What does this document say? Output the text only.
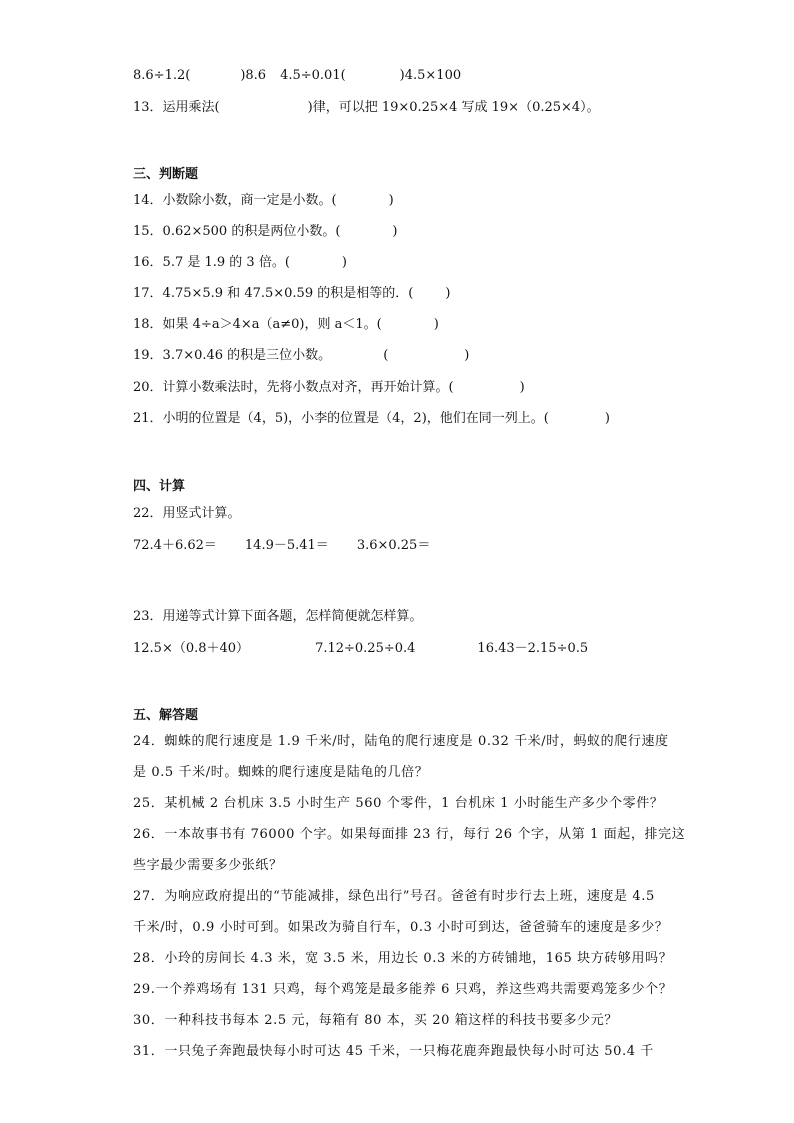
8.6÷1.2(	)8.6 4.5÷0.01(	)4.5×100
13．运用乘法(	)律，可以把 19×0.25×4 写成 19×（0.25×4）。
三、判断题
14．小数除小数，商一定是小数。(	)
15．0.62×500 的积是两位小数。(	)
16．5.7 是 1.9 的 3 倍。(	)
17．4.75×5.9 和 47.5×0.59 的积是相等的．( )
18．如果 4÷a＞4×a（a≠0)，则 a＜1。(	)
19．3.7×0.46 的积是三位小数。	(	)
20．计算小数乘法时，先将小数点对齐，再开始计算。(	)
21．小明的位置是（4，5)，小李的位置是（4，2)，他们在同一列上。(	)
四、计算
22．用竖式计算。
72.4＋6.62＝ 14.9－5.41＝ 3.6×0.25＝
23．用递等式计算下面各题，怎样简便就怎样算。
12.5×（0.8＋40）	7.12÷0.25÷0.4	16.43－2.15÷0.5
五、解答题
24．蜘蛛的爬行速度是 1.9 千米/时，陆龟的爬行速度是 0.32 千米/时，蚂蚁的爬行速度
是 0.5 千米/时。蜘蛛的爬行速度是陆龟的几倍？
25．某机械 2 台机床 3.5 小时生产 560 个零件，1 台机床 1 小时能生产多少个零件？
26．一本故事书有 76000 个字。如果每面排 23 行，每行 26 个字，从第 1 面起，排完这
些字最少需要多少张纸？
27．为响应政府提出的“节能减排，绿色出行”号召。爸爸有时步行去上班，速度是 4.5
千米/时，0.9 小时可到。如果改为骑自行车，0.3 小时可到达，爸爸骑车的速度是多少？
28．小玲的房间长 4.3 米，宽 3.5 米，用边长 0.3 米的方砖铺地，165 块方砖够用吗？
29.一个养鸡场有 131 只鸡，每个鸡笼是最多能养 6 只鸡，养这些鸡共需要鸡笼多少个？
30．一种科技书每本 2.5 元，每箱有 80 本，买 20 箱这样的科技书要多少元？
31．一只兔子奔跑最快每小时可达 45 千米，一只梅花鹿奔跑最快每小时可达 50.4 千
